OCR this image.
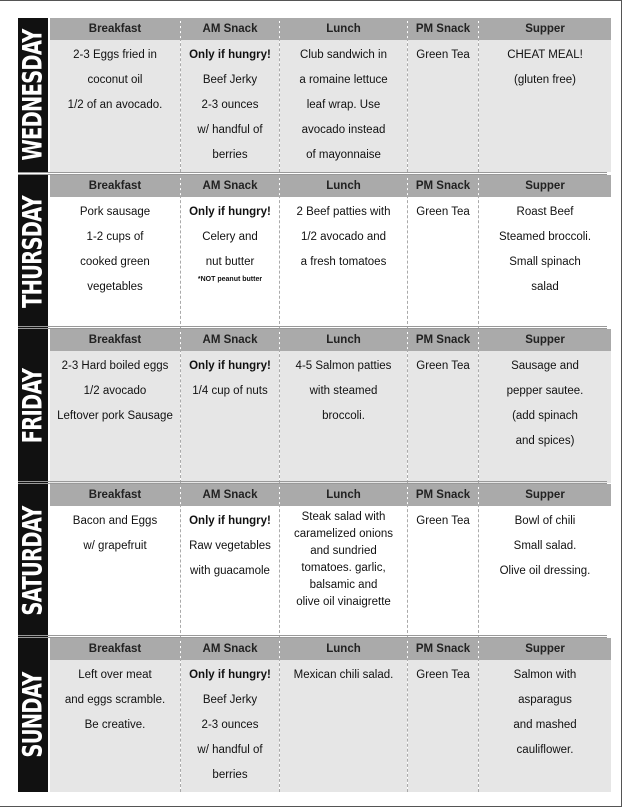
WEDNESDAY
Breakfast
2-3 Eggs fried in
coconut oil
1/2 of an avocado.
AM Snack
Only if hungry!
Beef Jerky
2-3 ounces
w/ handful of
berries
Lunch
Club sandwich in
a romaine lettuce
leaf wrap. Use
avocado instead
of mayonnaise
PM Snack
Green Tea
Supper
CHEAT MEAL!
(gluten free)
THURSDAY
Breakfast
Pork sausage
1-2 cups of
cooked green
vegetables
AM Snack
Only if hungry!
Celery and
nut butter
*NOT peanut butter
Lunch
2 Beef patties with
1/2 avocado and
a fresh tomatoes
PM Snack
Green Tea
Supper
Roast Beef
Steamed broccoli.
Small spinach
salad
FRIDAY
Breakfast
2-3 Hard boiled eggs
1/2 avocado
Leftover pork Sausage
AM Snack
Only if hungry!
1/4 cup of nuts
Lunch
4-5 Salmon patties
with steamed
broccoli.
PM Snack
Green Tea
Supper
Sausage and
pepper sautee.
(add spinach
and spices)
SATURDAY
Breakfast
Bacon and Eggs
w/ grapefruit
AM Snack
Only if hungry!
Raw vegetables
with guacamole
Lunch
Steak salad with
caramelized onions
and sundried
tomatoes. garlic,
balsamic and
olive oil vinaigrette
PM Snack
Green Tea
Supper
Bowl of chili
Small salad.
Olive oil dressing.
SUNDAY
Breakfast
Left over meat
and eggs scramble.
Be creative.
AM Snack
Only if hungry!
Beef Jerky
2-3 ounces
w/ handful of
berries
Lunch
Mexican chili salad.
PM Snack
Green Tea
Supper
Salmon with
asparagus
and mashed
cauliflower.
